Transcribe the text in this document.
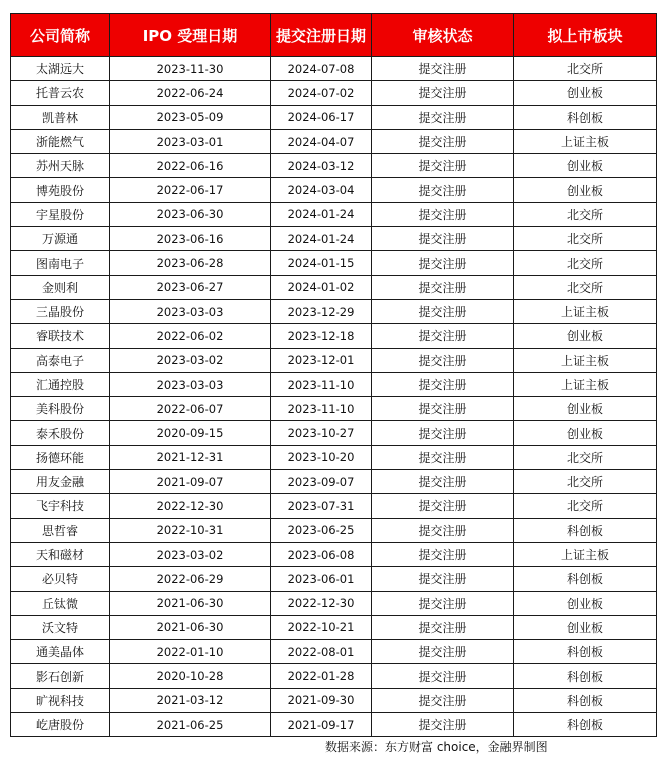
公司简称	IPO 受理日期	提交注册日期	审核状态	拟上市板块
太湖远大	2023-11-30	2024-07-08	提交注册	北交所
托普云农	2022-06-24	2024-07-02	提交注册	创业板
凯普林	2023-05-09	2024-06-17	提交注册	科创板
浙能燃气	2023-03-01	2024-04-07	提交注册	上证主板
苏州天脉	2022-06-16	2024-03-12	提交注册	创业板
博苑股份	2022-06-17	2024-03-04	提交注册	创业板
宇星股份	2023-06-30	2024-01-24	提交注册	北交所
万源通	2023-06-16	2024-01-24	提交注册	北交所
图南电子	2023-06-28	2024-01-15	提交注册	北交所
金则利	2023-06-27	2024-01-02	提交注册	北交所
三晶股份	2023-03-03	2023-12-29	提交注册	上证主板
睿联技术	2022-06-02	2023-12-18	提交注册	创业板
高泰电子	2023-03-02	2023-12-01	提交注册	上证主板
汇通控股	2023-03-03	2023-11-10	提交注册	上证主板
美科股份	2022-06-07	2023-11-10	提交注册	创业板
泰禾股份	2020-09-15	2023-10-27	提交注册	创业板
扬德环能	2021-12-31	2023-10-20	提交注册	北交所
用友金融	2021-09-07	2023-09-07	提交注册	北交所
飞宇科技	2022-12-30	2023-07-31	提交注册	北交所
思哲睿	2022-10-31	2023-06-25	提交注册	科创板
天和磁材	2023-03-02	2023-06-08	提交注册	上证主板
必贝特	2022-06-29	2023-06-01	提交注册	科创板
丘钛微	2021-06-30	2022-12-30	提交注册	创业板
沃文特	2021-06-30	2022-10-21	提交注册	创业板
通美晶体	2022-01-10	2022-08-01	提交注册	科创板
影石创新	2020-10-28	2022-01-28	提交注册	科创板
旷视科技	2021-03-12	2021-09-30	提交注册	科创板
屹唐股份	2021-06-25	2021-09-17	提交注册	科创板
数据来源：东方财富 choice，金融界制图
